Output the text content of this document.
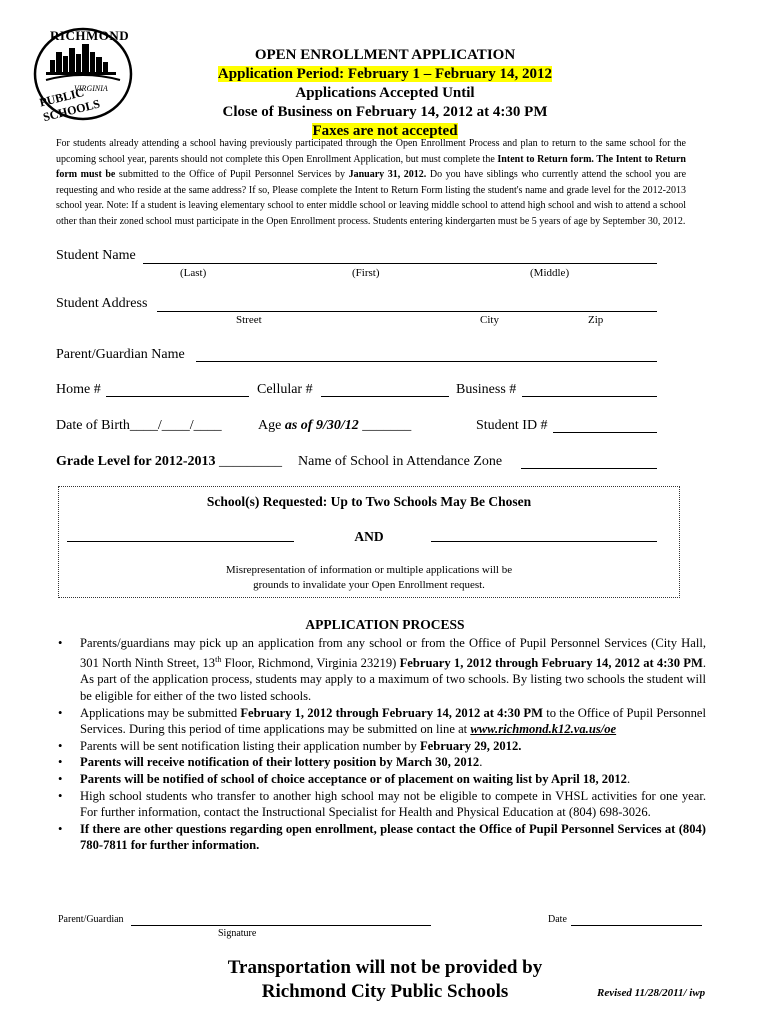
RICHMOND
VIRGINIA
PUBLIC SCHOOLS
OPEN ENROLLMENT APPLICATION
Application Period: February 1 – February 14, 2012
Applications Accepted Until
Close of Business on February 14, 2012 at 4:30 PM
Faxes are not accepted
For students already attending a school having previously participated through the Open Enrollment Process and plan to return to the same school for the upcoming school year, parents should not complete this Open Enrollment Application, but must complete the Intent to Return form. The Intent to Return form must be submitted to the Office of Pupil Personnel Services by January 31, 2012. Do you have siblings who currently attend the school you are requesting and who reside at the same address? If so, Please complete the Intent to Return Form listing the student's name and grade level for the 2012-2013 school year. Note: If a student is leaving elementary school to enter middle school or leaving middle school to attend high school and wish to attend a school other than their zoned school must participate in the Open Enrollment process. Students entering kindergarten must be 5 years of age by September 30, 2012.
Student Name
(Last)	(First)	(Middle)
Student Address
Street	City	Zip
Parent/Guardian Name
Home #	Cellular #	Business #
Date of Birth____/____/____	Age as of 9/30/12 _______	Student ID #
Grade Level for 2012-2013 _________ Name of School in Attendance Zone
School(s) Requested: Up to Two Schools May Be Chosen
AND
Misrepresentation of information or multiple applications will be
grounds to invalidate your Open Enrollment request.
APPLICATION PROCESS
• Parents/guardians may pick up an application from any school or from the Office of Pupil Personnel Services (City Hall, 301 North Ninth Street, 13th Floor, Richmond, Virginia 23219) February 1, 2012 through February 14, 2012 at 4:30 PM. As part of the application process, students may apply to a maximum of two schools. By listing two schools the student will be eligible for either of the two listed schools.
• Applications may be submitted February 1, 2012 through February 14, 2012 at 4:30 PM to the Office of Pupil Personnel Services. During this period of time applications may be submitted on line at www.richmond.k12.va.us/oe
• Parents will be sent notification listing their application number by February 29, 2012.
• Parents will receive notification of their lottery position by March 30, 2012.
• Parents will be notified of school of choice acceptance or of placement on waiting list by April 18, 2012.
• High school students who transfer to another high school may not be eligible to compete in VHSL activities for one year. For further information, contact the Instructional Specialist for Health and Physical Education at (804) 698-3026.
• If there are other questions regarding open enrollment, please contact the Office of Pupil Personnel Services at (804) 780-7811 for further information.
Parent/Guardian
Signature
Date
Transportation will not be provided by
Richmond City Public Schools	Revised 11/28/2011/ iwp
